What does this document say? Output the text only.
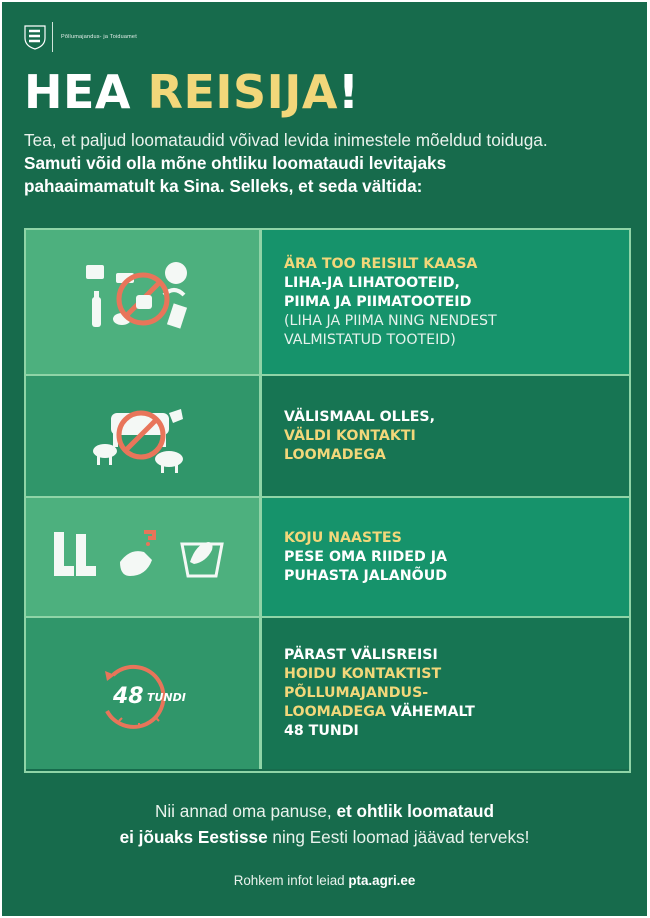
Põllumajandus- ja Toiduamet
HEA REISIJA!
Tea, et paljud loomataudid võivad levida inimestele mõeldud toiduga.
Samuti võid olla mõne ohtliku loomataudi levitajaks
pahaaimamatult ka Sina. Selleks, et seda vältida:
ÄRA TOO REISILT KAASA
LIHA-JA LIHATOOTEID,
PIIMA JA PIIMATOOTEID
(LIHA JA PIIMA NING NENDEST
VALMISTATUD TOOTEID)
VÄLISMAAL OLLES,
VÄLDI KONTAKTI
LOOMADEGA
KOJU NAASTES
PESE OMA RIIDED JA
PUHASTA JALANÕUD
48 TUNDI
PÄRAST VÄLISREISI
HOIDU KONTAKTIST
PÕLLUMAJANDUS-
LOOMADEGA VÄHEMALT
48 TUNDI
Nii annad oma panuse, et ohtlik loomataud
ei jõuaks Eestisse ning Eesti loomad jäävad terveks!
Rohkem infot leiad pta.agri.ee
